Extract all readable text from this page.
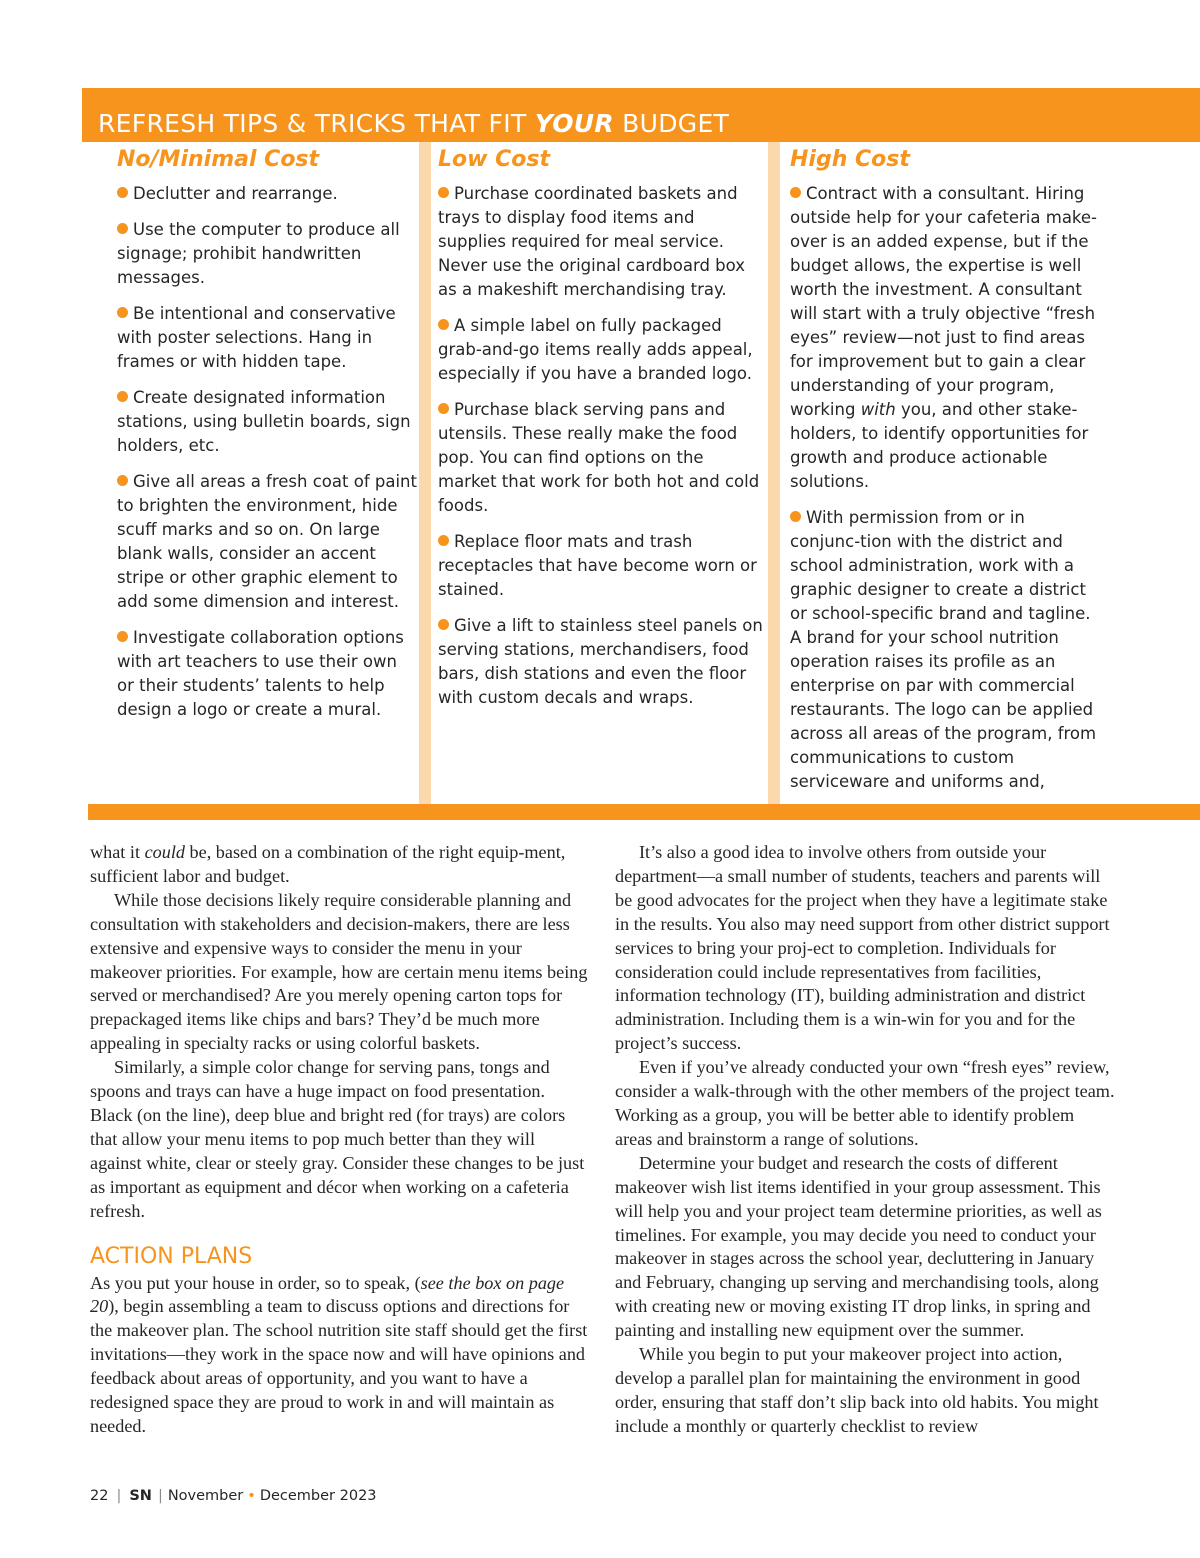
REFRESH TIPS & TRICKS THAT FIT YOUR BUDGET
No/Minimal Cost
Declutter and rearrange.
Use the computer to produce all signage; prohibit handwritten messages.
Be intentional and conservative with poster selections. Hang in frames or with hidden tape.
Create designated information stations, using bulletin boards, sign holders, etc.
Give all areas a fresh coat of paint to brighten the environment, hide scuff marks and so on. On large blank walls, consider an accent stripe or other graphic element to add some dimension and interest.
Investigate collaboration options with art teachers to use their own or their students’ talents to help design a logo or create a mural.
Low Cost
Purchase coordinated baskets and trays to display food items and supplies required for meal service. Never use the original cardboard box as a makeshift merchandising tray.
A simple label on fully packaged grab-and-go items really adds appeal, especially if you have a branded logo.
Purchase black serving pans and utensils. These really make the food pop. You can find options on the market that work for both hot and cold foods.
Replace floor mats and trash receptacles that have become worn or stained.
Give a lift to stainless steel panels on serving stations, merchandisers, food bars, dish stations and even the floor with custom decals and wraps.
High Cost
Contract with a consultant. Hiring outside help for your cafeteria make-over is an added expense, but if the budget allows, the expertise is well worth the investment. A consultant will start with a truly objective “fresh eyes” review—not just to find areas for improvement but to gain a clear understanding of your program, working with you, and other stake-holders, to identify opportunities for growth and produce actionable solutions.
With permission from or in conjunc-tion with the district and school administration, work with a graphic designer to create a district or school-specific brand and tagline. A brand for your school nutrition operation raises its profile as an enterprise on par with commercial restaurants. The logo can be applied across all areas of the program, from communications to custom serviceware and uniforms and,

what it could be, based on a combination of the right equip-ment, sufficient labor and budget.

While those decisions likely require considerable planning and consultation with stakeholders and decision-makers, there are less extensive and expensive ways to consider the menu in your makeover priorities. For example, how are certain menu items being served or merchandised? Are you merely opening carton tops for prepackaged items like chips and bars? They’d be much more appealing in specialty racks or using colorful baskets.

Similarly, a simple color change for serving pans, tongs and spoons and trays can have a huge impact on food presentation. Black (on the line), deep blue and bright red (for trays) are colors that allow your menu items to pop much better than they will against white, clear or steely gray. Consider these changes to be just as important as equipment and décor when working on a cafeteria refresh.

ACTION PLANS

As you put your house in order, so to speak, (see the box on page 20), begin assembling a team to discuss options and directions for the makeover plan. The school nutrition site staff should get the first invitations—they work in the space now and will have opinions and feedback about areas of opportunity, and you want to have a redesigned space they are proud to work in and will maintain as needed.

It’s also a good idea to involve others from outside your department—a small number of students, teachers and parents will be good advocates for the project when they have a legitimate stake in the results. You also may need support from other district support services to bring your proj-ect to completion. Individuals for consideration could include representatives from facilities, information technology (IT), building administration and district administration. Including them is a win-win for you and for the project’s success.

Even if you’ve already conducted your own “fresh eyes” review, consider a walk-through with the other members of the project team. Working as a group, you will be better able to identify problem areas and brainstorm a range of solutions.

Determine your budget and research the costs of different makeover wish list items identified in your group assessment. This will help you and your project team determine priorities, as well as timelines. For example, you may decide you need to conduct your makeover in stages across the school year, decluttering in January and February, changing up serving and merchandising tools, along with creating new or moving existing IT drop links, in spring and painting and installing new equipment over the summer.

While you begin to put your makeover project into action, develop a parallel plan for maintaining the environment in good order, ensuring that staff don’t slip back into old habits. You might include a monthly or quarterly checklist to review

22 | SN | November • December 2023
